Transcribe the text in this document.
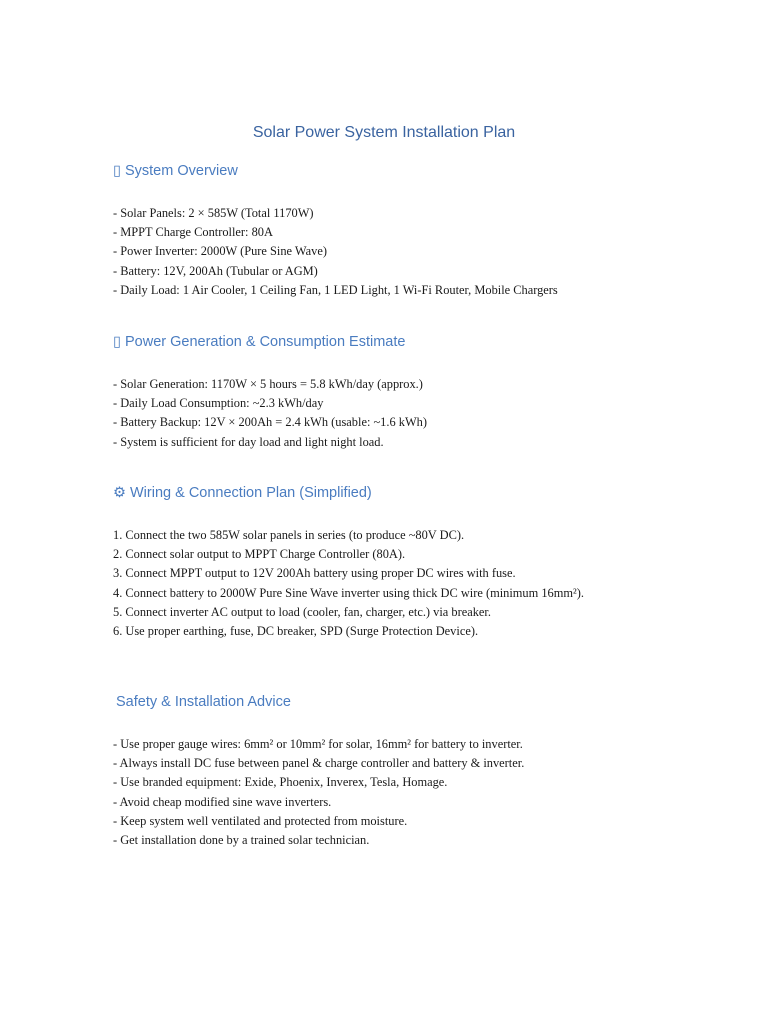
Solar Power System Installation Plan
▯ System Overview
- Solar Panels: 2 × 585W (Total 1170W)
- MPPT Charge Controller: 80A
- Power Inverter: 2000W (Pure Sine Wave)
- Battery: 12V, 200Ah (Tubular or AGM)
- Daily Load: 1 Air Cooler, 1 Ceiling Fan, 1 LED Light, 1 Wi-Fi Router, Mobile Chargers
▯ Power Generation & Consumption Estimate
- Solar Generation: 1170W × 5 hours = 5.8 kWh/day (approx.)
- Daily Load Consumption: ~2.3 kWh/day
- Battery Backup: 12V × 200Ah = 2.4 kWh (usable: ~1.6 kWh)
- System is sufficient for day load and light night load.
⚙ Wiring & Connection Plan (Simplified)
1. Connect the two 585W solar panels in series (to produce ~80V DC).
2. Connect solar output to MPPT Charge Controller (80A).
3. Connect MPPT output to 12V 200Ah battery using proper DC wires with fuse.
4. Connect battery to 2000W Pure Sine Wave inverter using thick DC wire (minimum 16mm²).
5. Connect inverter AC output to load (cooler, fan, charger, etc.) via breaker.
6. Use proper earthing, fuse, DC breaker, SPD (Surge Protection Device).
Safety & Installation Advice
- Use proper gauge wires: 6mm² or 10mm² for solar, 16mm² for battery to inverter.
- Always install DC fuse between panel & charge controller and battery & inverter.
- Use branded equipment: Exide, Phoenix, Inverex, Tesla, Homage.
- Avoid cheap modified sine wave inverters.
- Keep system well ventilated and protected from moisture.
- Get installation done by a trained solar technician.
